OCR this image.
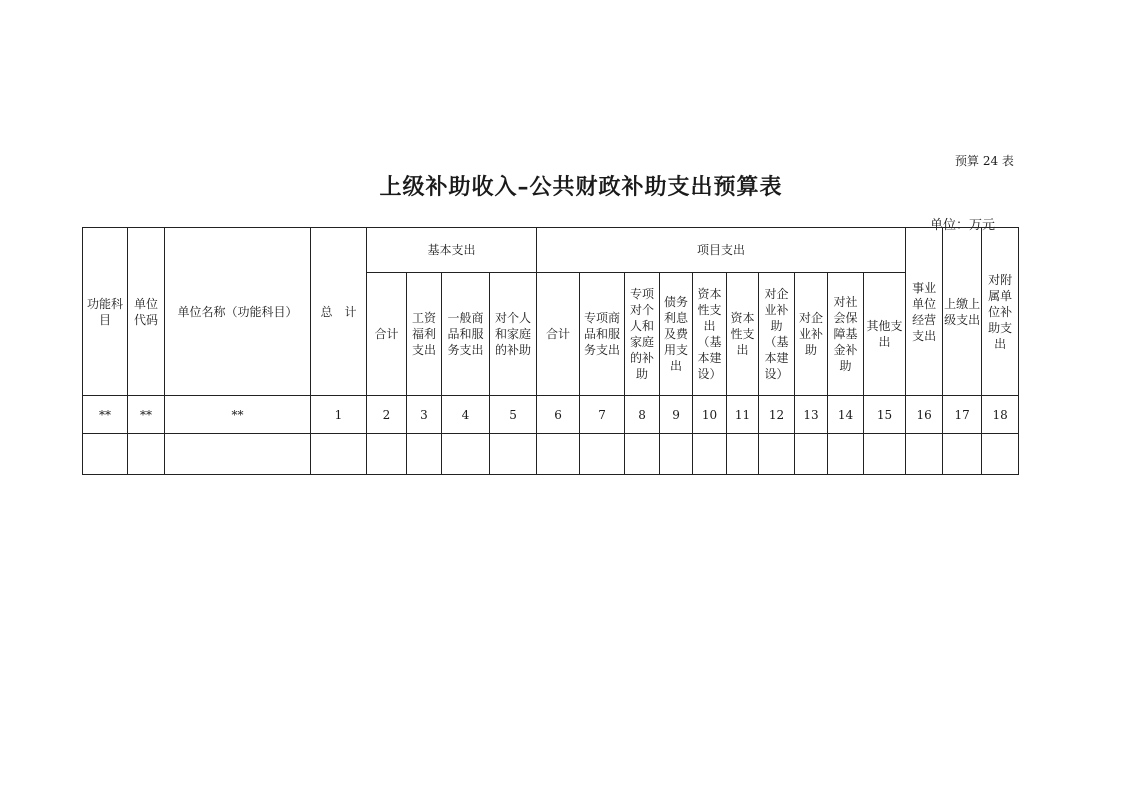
预算 24 表
上级补助收入–公共财政补助支出预算表
单位：万元
功能科目	单位代码	单位名称（功能科目）	总　计	基本支出				项目支出										事业单位经营支出	上缴上级支出	对附属单位补助支出
				合计	工资福利支出	一般商品和服务支出	对个人和家庭的补助	合计	专项商品和服务支出	专项对个人和家庭的补助	债务利息及费用支出	资本性支出（基本建设）	资本性支出	对企业补助（基本建设）	对企业补助	对社会保障基金补助	其他支出			
**	**	**	1	2	3	4	5	6	7	8	9	10	11	12	13	14	15	16	17	18
